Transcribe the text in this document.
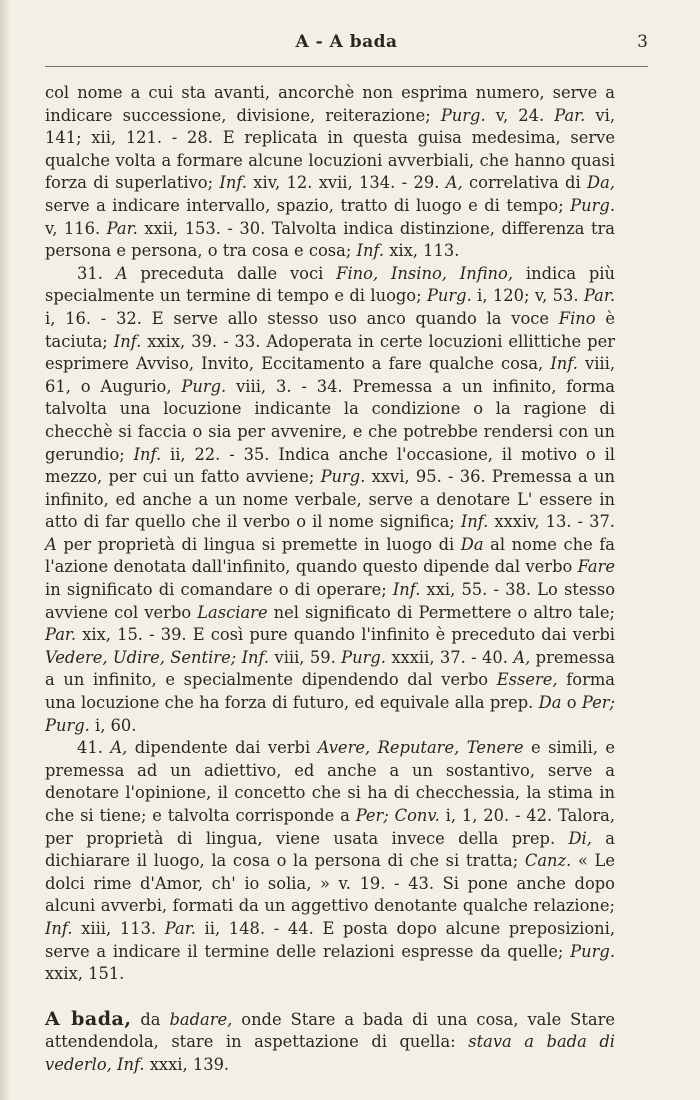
A - A bada	3

col nome a cui sta avanti, ancorchè non esprima numero, serve a indicare successione, divisione, reiterazione; Purg. v, 24. Par. vi, 141; xii, 121. - 28. E replicata in questa guisa medesima, serve qualche volta a formare alcune locuzioni avverbiali, che hanno quasi forza di superlativo; Inf. xiv, 12. xvii, 134. - 29. A, correlativa di Da, serve a indicare intervallo, spazio, tratto di luogo e di tempo; Purg. v, 116. Par. xxii, 153. - 30. Talvolta indica distinzione, differenza tra persona e persona, o tra cosa e cosa; Inf. xix, 113.

31. A preceduta dalle voci Fino, Insino, Infino, indica più specialmente un termine di tempo e di luogo; Purg. i, 120; v, 53. Par. i, 16. - 32. E serve allo stesso uso anco quando la voce Fino è taciuta; Inf. xxix, 39. - 33. Adoperata in certe locuzioni ellittiche per esprimere Avviso, Invito, Eccitamento a fare qualche cosa, Inf. viii, 61, o Augurio, Purg. viii, 3. - 34. Premessa a un infinito, forma talvolta una locuzione indicante la condizione o la ragione di checchè si faccia o sia per avvenire, e che potrebbe rendersi con un gerundio; Inf. ii, 22. - 35. Indica anche l'occasione, il motivo o il mezzo, per cui un fatto avviene; Purg. xxvi, 95. - 36. Premessa a un infinito, ed anche a un nome verbale, serve a denotare L' essere in atto di far quello che il verbo o il nome significa; Inf. xxxiv, 13. - 37. A per proprietà di lingua si premette in luogo di Da al nome che fa l'azione denotata dall'infinito, quando questo dipende dal verbo Fare in significato di comandare o di operare; Inf. xxi, 55. - 38. Lo stesso avviene col verbo Lasciare nel significato di Permettere o altro tale; Par. xix, 15. - 39. E così pure quando l'infinito è preceduto dai verbi Vedere, Udire, Sentire; Inf. viii, 59. Purg. xxxii, 37. - 40. A, premessa a un infinito, e specialmente dipendendo dal verbo Essere, forma una locuzione che ha forza di futuro, ed equivale alla prep. Da o Per; Purg. i, 60.

41. A, dipendente dai verbi Avere, Reputare, Tenere e simili, e premessa ad un adiettivo, ed anche a un sostantivo, serve a denotare l'opinione, il concetto che si ha di checchessia, la stima in che si tiene; e talvolta corrisponde a Per; Conv. i, 1, 20. - 42. Talora, per proprietà di lingua, viene usata invece della prep. Di, a dichiarare il luogo, la cosa o la persona di che si tratta; Canz. « Le dolci rime d'Amor, ch' io solia, » v. 19. - 43. Si pone anche dopo alcuni avverbi, formati da un aggettivo denotante qualche relazione; Inf. xiii, 113. Par. ii, 148. - 44. E posta dopo alcune preposizioni, serve a indicare il termine delle relazioni espresse da quelle; Purg. xxix, 151.

A bada, da badare, onde Stare a bada di una cosa, vale Stare attendendola, stare in aspettazione di quella: stava a bada di vederlo, Inf. xxxi, 139.
